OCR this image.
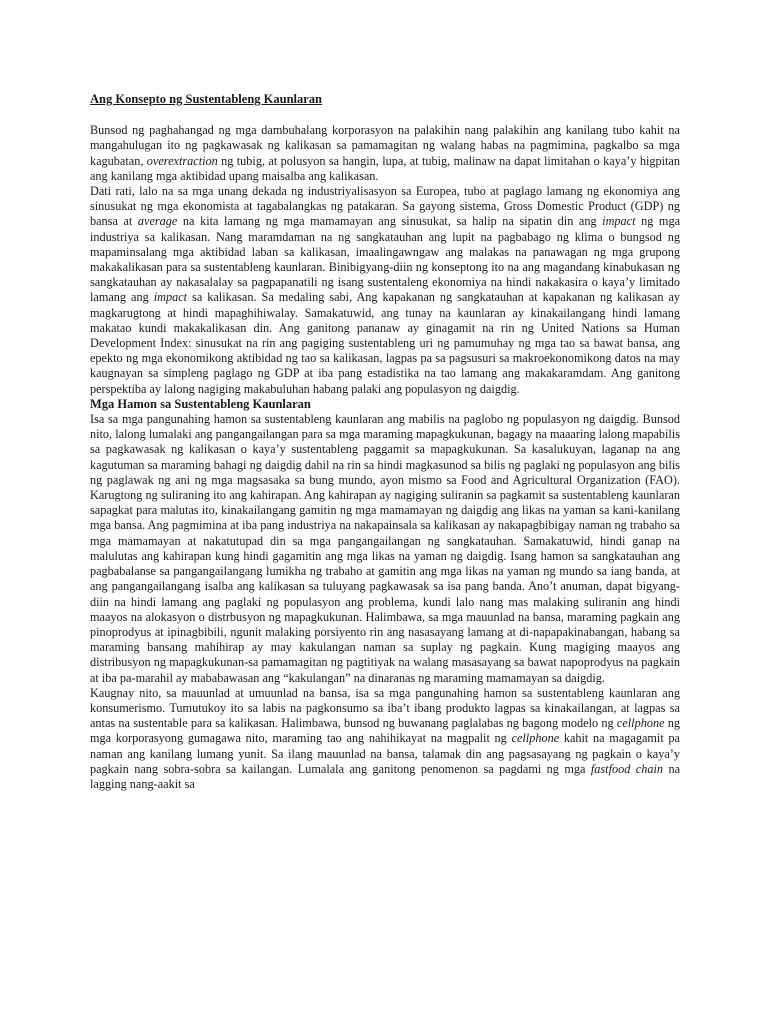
Ang Konsepto ng Sustentableng Kaunlaran

Bunsod ng paghahangad ng mga dambuhalang korporasyon na palakihin nang palakihin ang kanilang tubo kahit na mangahulugan ito ng pagkawasak ng kalikasan sa pamamagitan ng walang habas na pagmimina, pagkalbo sa mga kagubatan, overextraction ng tubig, at polusyon sa hangin, lupa, at tubig, malinaw na dapat limitahan o kaya’y higpitan ang kanilang mga aktibidad upang maisalba ang kalikasan.

Dati rati, lalo na sa mga unang dekada ng industriyalisasyon sa Europea, tubo at paglago lamang ng ekonomiya ang sinusukat ng mga ekonomista at tagabalangkas ng patakaran. Sa gayong sistema, Gross Domestic Product (GDP) ng bansa at average na kita lamang ng mga mamamayan ang sinusukat, sa halip na sipatin din ang impact ng mga industriya sa kalikasan. Nang maramdaman na ng sangkatauhan ang lupit na pagbabago ng klima o bungsod ng mapaminsalang mga aktibidad laban sa kalikasan, imaalingawngaw ang malakas na panawagan ng mga grupong makakalikasan para sa sustentableng kaunlaran. Binibigyang-diin ng konseptong ito na ang magandang kinabukasan ng sangkatauhan ay nakasalalay sa pagpapanatili ng isang sustentaleng ekonomiya na hindi nakakasira o kaya’y limitado lamang ang impact sa kalikasan. Sa medaling sabi, Ang kapakanan ng sangkatauhan at kapakanan ng kalikasan ay magkarugtong at hindi mapaghihiwalay. Samakatuwid, ang tunay na kaunlaran ay kinakailangang hindi lamang makatao kundi makakalikasan din. Ang ganitong pananaw ay ginagamit na rin ng United Nations sa Human Development Index: sinusukat na rin ang pagiging sustentableng uri ng pamumuhay ng mga tao sa bawat bansa, ang epekto ng mga ekonomikong aktibidad ng tao sa kalikasan, lagpas pa sa pagsusuri sa makroekonomikong datos na may kaugnayan sa simpleng paglago ng GDP at iba pang estadistika na tao lamang ang makakaramdam. Ang ganitong perspektiba ay lalong nagiging makabuluhan habang palaki ang populasyon ng daigdig.

Mga Hamon sa Sustentableng Kaunlaran

Isa sa mga pangunahing hamon sa sustentableng kaunlaran ang mabilis na paglobo ng populasyon ng daigdig. Bunsod nito, lalong lumalaki ang pangangailangan para sa mga maraming mapagkukunan, bagagy na maaaring lalong mapabilis sa pagkawasak ng kalikasan o kaya’y sustentableng paggamit sa mapagkukunan. Sa kasalukuyan, laganap na ang kagutuman sa maraming bahagi ng daigdig dahil na rin sa hindi magkasunod sa bilis ng paglaki ng populasyon ang bilis ng paglawak ng ani ng mga magsasaka sa bung mundo, ayon mismo sa Food and Agricultural Organization (FAO). Karugtong ng suliraning ito ang kahirapan. Ang kahirapan ay nagiging suliranin sa pagkamit sa sustentableng kaunlaran sapagkat para malutas ito, kinakailangang gamitin ng mga mamamayan ng daigdig ang likas na yaman sa kani-kanilang mga bansa. Ang pagmimina at iba pang industriya na nakapainsala sa kalikasan ay nakapagbibigay naman ng trabaho sa mga mamamayan at nakatutupad din sa mga pangangailangan ng sangkatauhan. Samakatuwid, hindi ganap na malulutas ang kahirapan kung hindi gagamitin ang mga likas na yaman ng daigdig. Isang hamon sa sangkatauhan ang pagbabalanse sa pangangailangang lumikha ng trabaho at gamitin ang mga likas na yaman ng mundo sa iang banda, at ang pangangailangang isalba ang kalikasan sa tuluyang pagkawasak sa isa pang banda. Ano’t anuman, dapat bigyang-diin na hindi lamang ang paglaki ng populasyon ang problema, kundi lalo nang mas malaking suliranin ang hindi maayos na alokasyon o distrbusyon ng mapagkukunan. Halimbawa, sa mga mauunlad na bansa, maraming pagkain ang pinoprodyus at ipinagbibili, ngunit malaking porsiyento rin ang nasasayang lamang at di-napapakinabangan, habang sa maraming bansang mahihirap ay may kakulangan naman sa suplay ng pagkain. Kung magiging maayos ang distribusyon ng mapagkukunan-sa pamamagitan ng pagtitiyak na walang masasayang sa bawat napoprodyus na pagkain at iba pa-marahil ay mababawasan ang “kakulangan” na dinaranas ng maraming mamamayan sa daigdig.

Kaugnay nito, sa mauunlad at umuunlad na bansa, isa sa mga pangunahing hamon sa sustentableng kaunlaran ang konsumerismo. Tumutukoy ito sa labis na pagkonsumo sa iba’t ibang produkto lagpas sa kinakailangan, at lagpas sa antas na sustentable para sa kalikasan. Halimbawa, bunsod ng buwanang paglalabas ng bagong modelo ng cellphone ng mga korporasyong gumagawa nito, maraming tao ang nahihikayat na magpalit ng cellphone kahit na magagamit pa naman ang kanilang lumang yunit. Sa ilang mauunlad na bansa, talamak din ang pagsasayang ng pagkain o kaya’y pagkain nang sobra-sobra sa kailangan. Lumalala ang ganitong penomenon sa pagdami ng mga fastfood chain na lagging nang-aakit sa
